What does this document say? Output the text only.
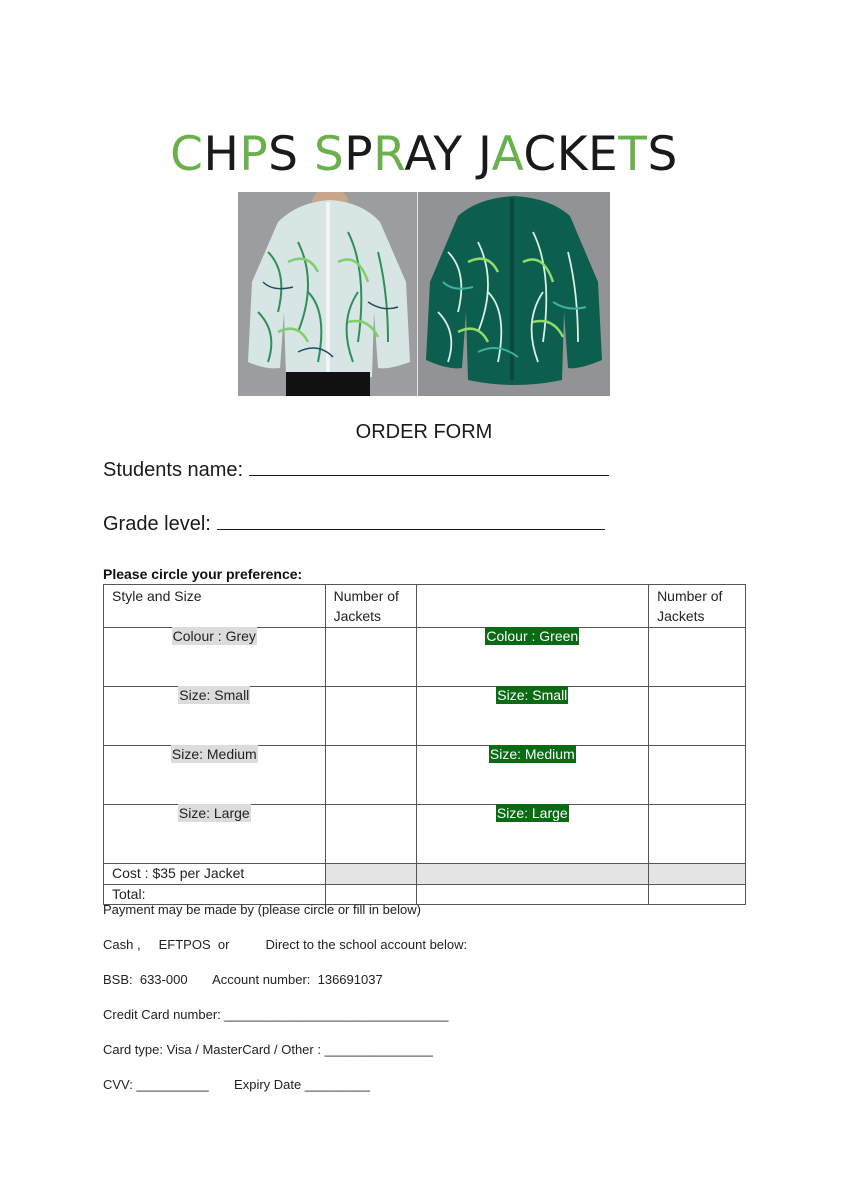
CHPS SPRAY JACKETS
ORDER FORM
Students name:
Grade level:
Please circle your preference:
Style and Size	Number of Jackets		Number of Jackets

Colour : Grey		Colour : Green	
Size: Small		Size: Small	
Size: Medium		Size: Medium	
Size: Large		Size: Large	
Cost : $35 per Jacket			
Total:			
Payment may be made by (please circle or fill in below)
Cash ,     EFTPOS  or          Direct to the school account below:
BSB:  633-000       Account number:  136691037
Credit Card number: _______________________________
Card type: Visa / MasterCard / Other : _______________
CVV: __________       Expiry Date _________
